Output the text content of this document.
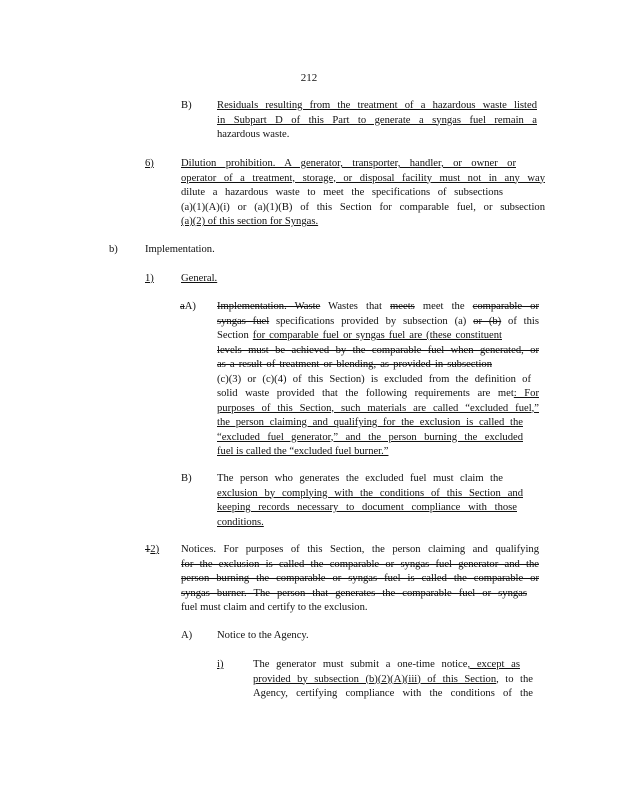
212
B) Residuals resulting from the treatment of a hazardous waste listed
in Subpart D of this Part to generate a syngas fuel remain a
hazardous waste.
6)	Dilution prohibition. A generator, transporter, handler, or owner or
operator of a treatment, storage, or disposal facility must not in any way
dilute a hazardous waste to meet the specifications of subsections
(a)(1)(A)(i) or (a)(1)(B) of this Section for comparable fuel, or subsection
(a)(2) of this section for Syngas.
b)	Implementation.
1)	General.
aA) Implementation. Waste Wastes that meets meet the comparable or
syngas fuel specifications provided by subsection (a) or (b) of this
Section for comparable fuel or syngas fuel are (these constituent
levels must be achieved by the comparable fuel when generated, or
as a result of treatment or blending, as provided in subsection
(c)(3) or (c)(4) of this Section) is excluded from the definition of
solid waste provided that the following requirements are met: For
purposes of this Section, such materials are called “excluded fuel,”
the person claiming and qualifying for the exclusion is called the
“excluded fuel generator,” and the person burning the excluded
fuel is called the “excluded fuel burner.”
B) The person who generates the excluded fuel must claim the
exclusion by complying with the conditions of this Section and
keeping records necessary to document compliance with those
conditions.
12) Notices. For purposes of this Section, the person claiming and qualifying
for the exclusion is called the comparable or syngas fuel generator and the
person burning the comparable or syngas fuel is called the comparable or
syngas burner. The person that generates the comparable fuel or syngas
fuel must claim and certify to the exclusion.
A) Notice to the Agency.
i)	The generator must submit a one-time notice, except as
provided by subsection (b)(2)(A)(iii) of this Section, to the
Agency, certifying compliance with the conditions of the
